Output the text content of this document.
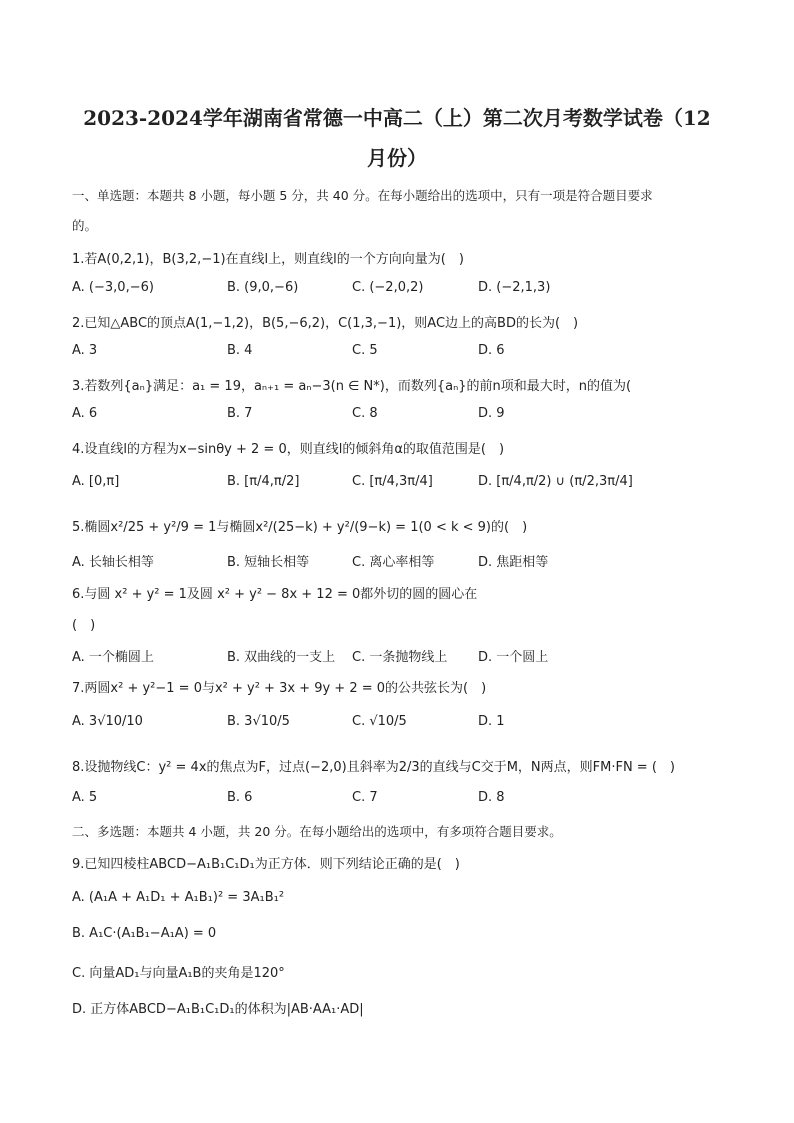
2023-2024学年湖南省常德一中高二（上）第二次月考数学试卷（12
月份）
一、单选题：本题共 8 小题，每小题 5 分，共 40 分。在每小题给出的选项中，只有一项是符合题目要求
的。
1.若A(0,2,1)，B(3,2,−1)在直线l上，则直线l的一个方向向量为(　)
A. (−3,0,−6)	B. (9,0,−6)	C. (−2,0,2)	D. (−2,1,3)
2.已知△ABC的顶点A(1,−1,2)，B(5,−6,2)，C(1,3,−1)，则AC边上的高BD的长为(　)
A. 3	B. 4	C. 5	D. 6
3.若数列{aₙ}满足：a₁ = 19，aₙ₊₁ = aₙ−3(n ∈ N*)，而数列{aₙ}的前n项和最大时，n的值为(
A. 6	B. 7	C. 8	D. 9
4.设直线l的方程为x−sinθy + 2 = 0，则直线l的倾斜角α的取值范围是(　)
A. [0,π]	B. [π/4,π/2]	C. [π/4,3π/4]	D. [π/4,π/2) ∪ (π/2,3π/4]
5.椭圆x²/25 + y²/9 = 1与椭圆x²/(25−k) + y²/(9−k) = 1(0 < k < 9)的(　)
A. 长轴长相等	B. 短轴长相等	C. 离心率相等	D. 焦距相等
6.与圆 x² + y² = 1及圆 x² + y² − 8x + 12 = 0都外切的圆的圆心在
(　)
A. 一个椭圆上	B. 双曲线的一支上 C. 一条抛物线上 D. 一个圆上
7.两圆x² + y²−1 = 0与x² + y² + 3x + 9y + 2 = 0的公共弦长为(　)
A. 3√10/10	B. 3√10/5	C. √10/5	D. 1
8.设抛物线C：y² = 4x的焦点为F，过点(−2,0)且斜率为2/3的直线与C交于M，N两点，则FM·FN = (　)
A. 5	B. 6	C. 7	D. 8
二、多选题：本题共 4 小题，共 20 分。在每小题给出的选项中，有多项符合题目要求。
9.已知四棱柱ABCD−A₁B₁C₁D₁为正方体．则下列结论正确的是(　)
A. (A₁A + A₁D₁ + A₁B₁)² = 3A₁B₁²
B. A₁C·(A₁B₁−A₁A) = 0
C. 向量AD₁与向量A₁B的夹角是120°
D. 正方体ABCD−A₁B₁C₁D₁的体积为|AB·AA₁·AD|
